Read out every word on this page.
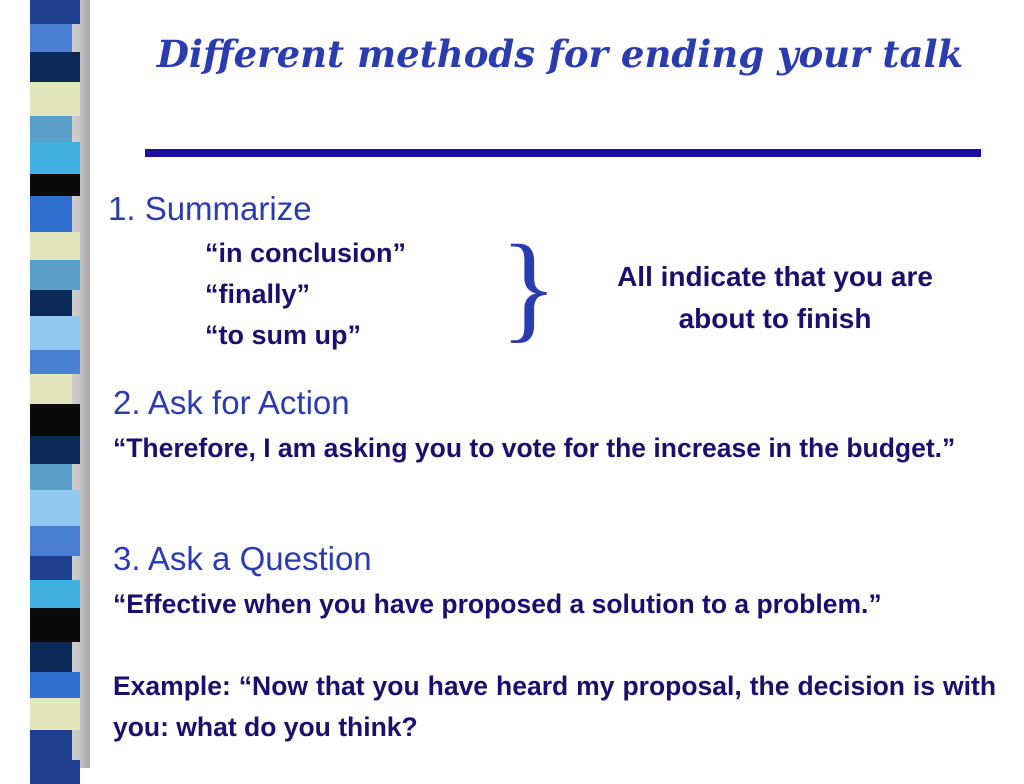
Different methods for ending your talk
1. Summarize
“in conclusion”
“finally”
“to sum up” }	All indicate that you are about to finish
2. Ask for Action
“Therefore, I am asking you to vote for the increase in the budget.”
3. Ask a Question
“Effective when you have proposed a solution to a problem.”
Example: “Now that you have heard my proposal, the decision is with you: what do you think?
